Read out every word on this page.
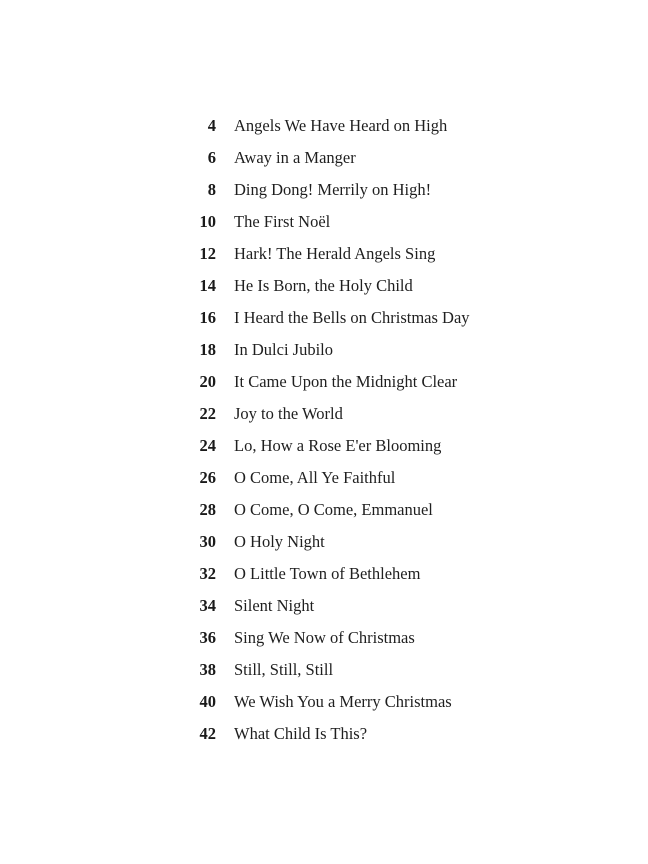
4 Angels We Have Heard on High
6 Away in a Manger
8 Ding Dong! Merrily on High!
10 The First Noël
12 Hark! The Herald Angels Sing
14 He Is Born, the Holy Child
16 I Heard the Bells on Christmas Day
18 In Dulci Jubilo
20 It Came Upon the Midnight Clear
22 Joy to the World
24 Lo, How a Rose E'er Blooming
26 O Come, All Ye Faithful
28 O Come, O Come, Emmanuel
30 O Holy Night
32 O Little Town of Bethlehem
34 Silent Night
36 Sing We Now of Christmas
38 Still, Still, Still
40 We Wish You a Merry Christmas
42 What Child Is This?
